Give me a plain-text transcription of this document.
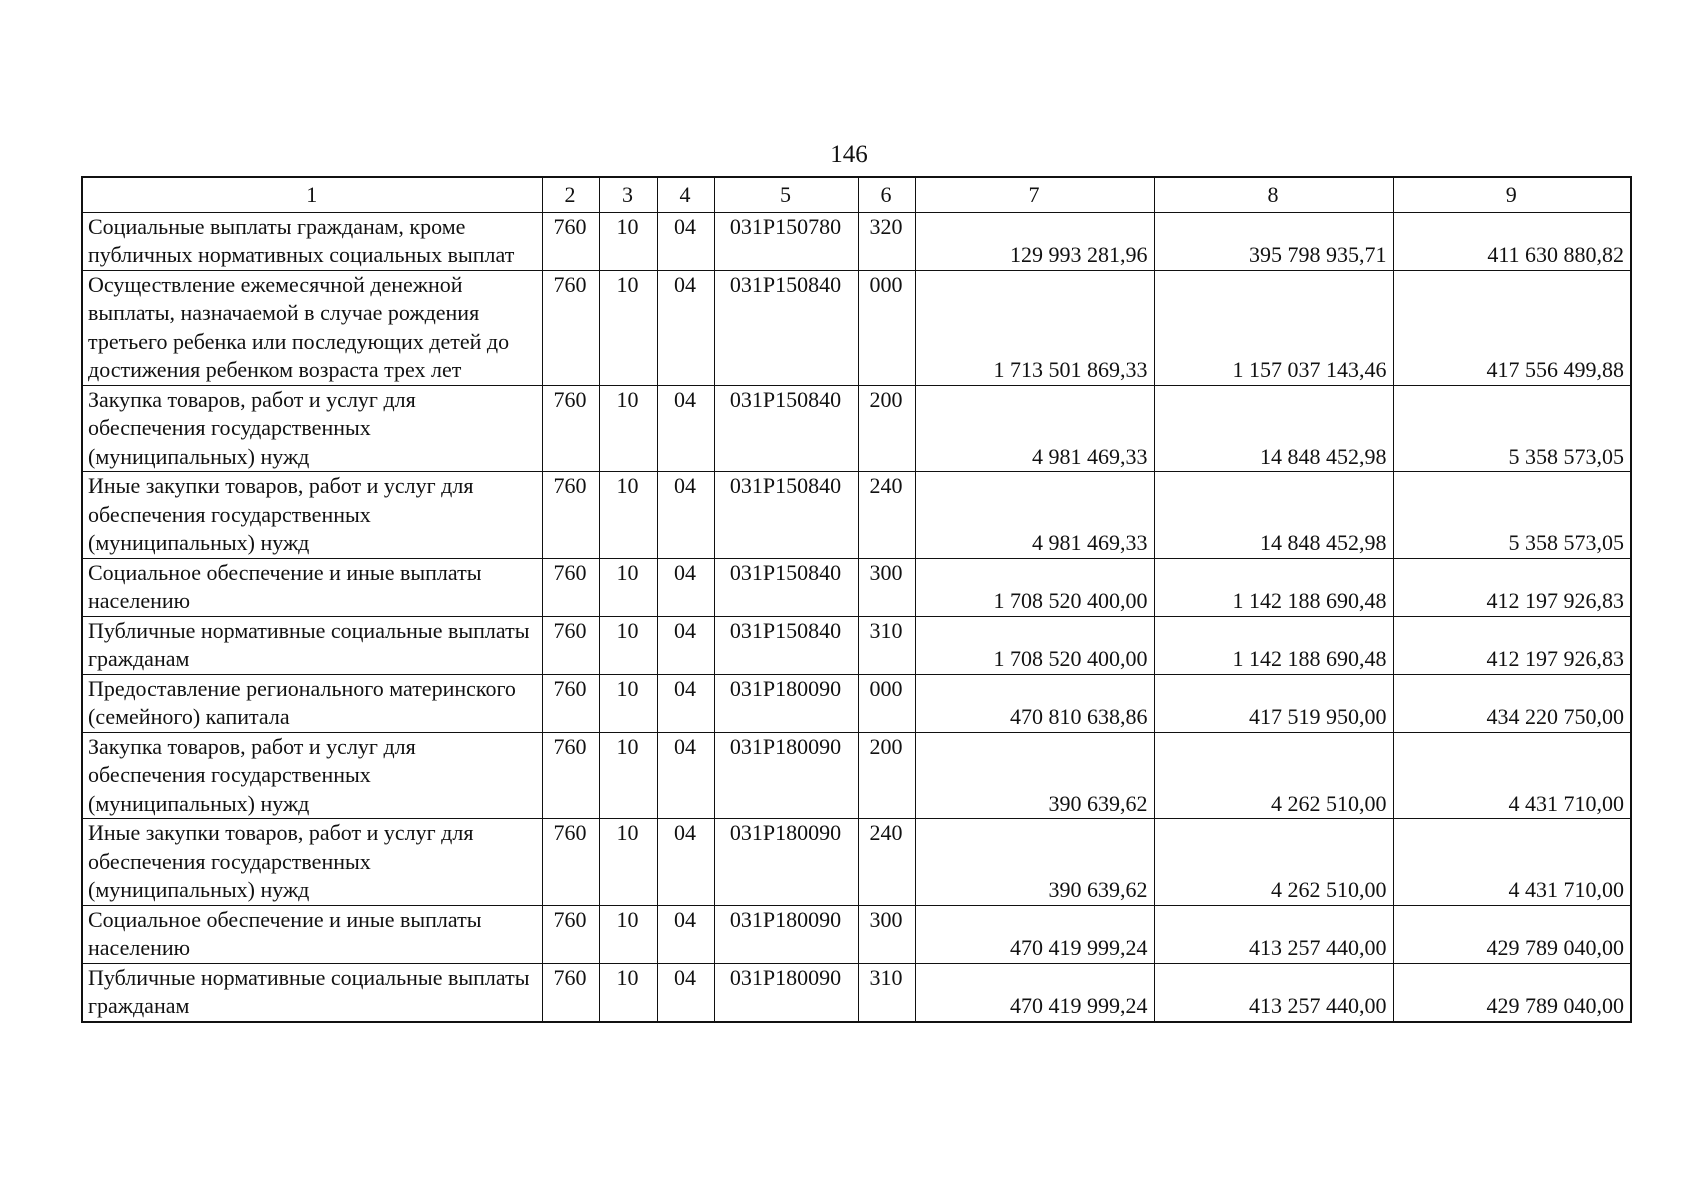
146
1	2	3	4	5	6	7	8	9
Социальные выплаты гражданам, кроме публичных нормативных социальных выплат	760	10	04	031Р150780	320	129 993 281,96	395 798 935,71	411 630 880,82
Осуществление ежемесячной денежной выплаты, назначаемой в случае рождения третьего ребенка или последующих детей до достижения ребенком возраста трех лет	760	10	04	031Р150840	000	1 713 501 869,33	1 157 037 143,46	417 556 499,88
Закупка товаров, работ и услуг для обеспечения государственных (муниципальных) нужд	760	10	04	031Р150840	200	4 981 469,33	14 848 452,98	5 358 573,05
Иные закупки товаров, работ и услуг для обеспечения государственных (муниципальных) нужд	760	10	04	031Р150840	240	4 981 469,33	14 848 452,98	5 358 573,05
Социальное обеспечение и иные выплаты населению	760	10	04	031Р150840	300	1 708 520 400,00	1 142 188 690,48	412 197 926,83
Публичные нормативные социальные выплаты гражданам	760	10	04	031Р150840	310	1 708 520 400,00	1 142 188 690,48	412 197 926,83
Предоставление регионального материнского (семейного) капитала	760	10	04	031Р180090	000	470 810 638,86	417 519 950,00	434 220 750,00
Закупка товаров, работ и услуг для обеспечения государственных (муниципальных) нужд	760	10	04	031Р180090	200	390 639,62	4 262 510,00	4 431 710,00
Иные закупки товаров, работ и услуг для обеспечения государственных (муниципальных) нужд	760	10	04	031Р180090	240	390 639,62	4 262 510,00	4 431 710,00
Социальное обеспечение и иные выплаты населению	760	10	04	031Р180090	300	470 419 999,24	413 257 440,00	429 789 040,00
Публичные нормативные социальные выплаты гражданам	760	10	04	031Р180090	310	470 419 999,24	413 257 440,00	429 789 040,00
